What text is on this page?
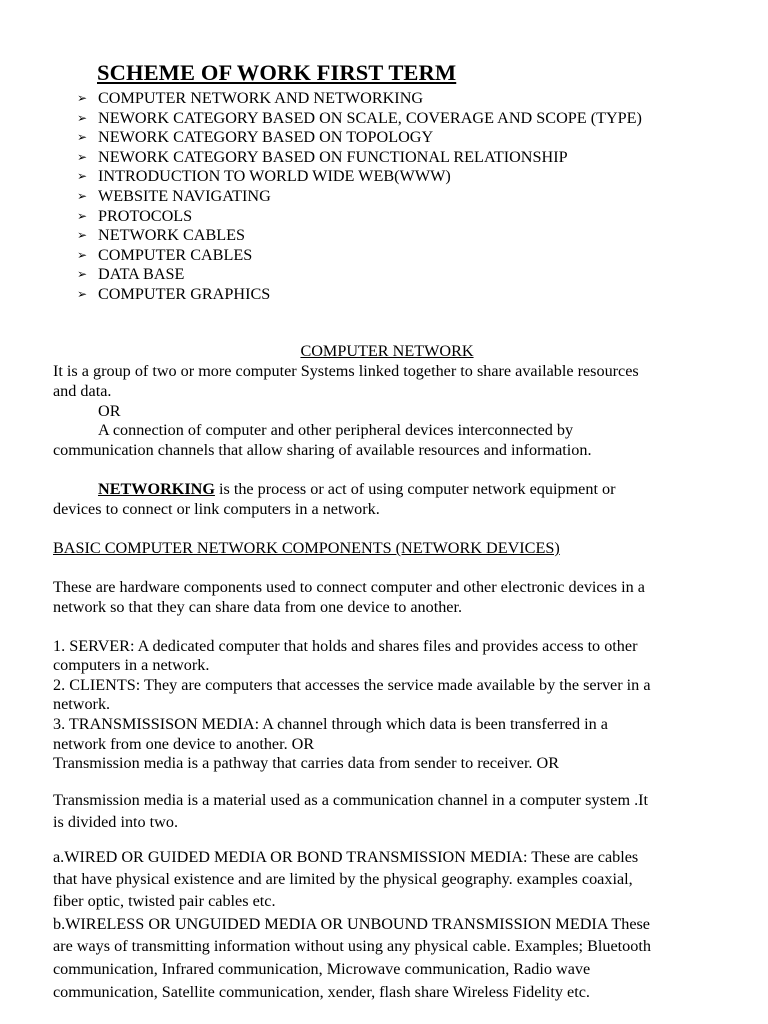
SCHEME OF WORK FIRST TERM
➢ COMPUTER NETWORK AND NETWORKING
➢ NEWORK CATEGORY BASED ON SCALE, COVERAGE AND SCOPE (TYPE)
➢ NEWORK CATEGORY BASED ON TOPOLOGY
➢ NEWORK CATEGORY BASED ON FUNCTIONAL RELATIONSHIP
➢ INTRODUCTION TO WORLD WIDE WEB(WWW)
➢ WEBSITE NAVIGATING
➢ PROTOCOLS
➢ NETWORK CABLES
➢ COMPUTER CABLES
➢ DATA BASE
➢ COMPUTER GRAPHICS

COMPUTER NETWORK

It is a group of two or more computer Systems linked together to share available resources

and data.

OR

A connection of computer and other peripheral devices interconnected by

communication channels that allow sharing of available resources and information.

NETWORKING is the process or act of using computer network equipment or

devices to connect or link computers in a network.

BASIC COMPUTER NETWORK COMPONENTS (NETWORK DEVICES)

These are hardware components used to connect computer and other electronic devices in a

network so that they can share data from one device to another.

1. SERVER: A dedicated computer that holds and shares files and provides access to other

computers in a network.

2. CLIENTS: They are computers that accesses the service made available by the server in a

network.

3. TRANSMISSISON MEDIA: A channel through which data is been transferred in a

network from one device to another. OR

Transmission media is a pathway that carries data from sender to receiver. OR

Transmission media is a material used as a communication channel in a computer system .It

is divided into two.

a.WIRED OR GUIDED MEDIA OR BOND TRANSMISSION MEDIA: These are cables

that have physical existence and are limited by the physical geography. examples coaxial,

fiber optic, twisted pair cables etc.

b.WIRELESS OR UNGUIDED MEDIA OR UNBOUND TRANSMISSION MEDIA These

are ways of transmitting information without using any physical cable. Examples; Bluetooth

communication, Infrared communication, Microwave communication, Radio wave

communication, Satellite communication, xender, flash share Wireless Fidelity etc.
